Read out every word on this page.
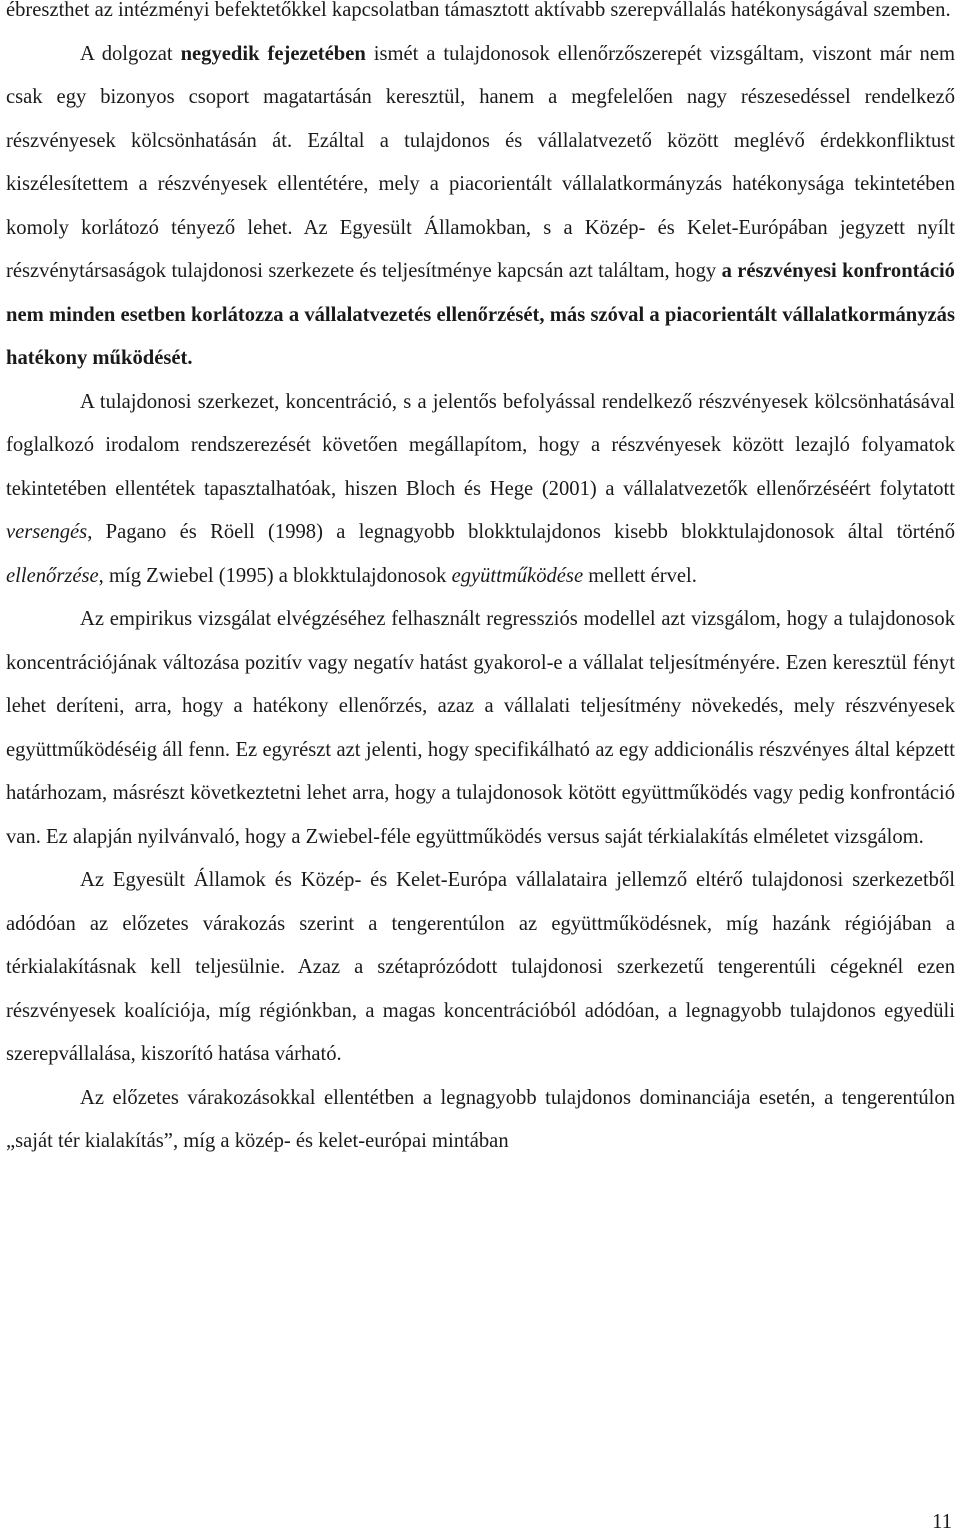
ébreszthet az intézményi befektetőkkel kapcsolatban támasztott aktívabb szerepvállalás hatékonyságával szemben.

A dolgozat negyedik fejezetében ismét a tulajdonosok ellenőrzőszerepét vizsgáltam, viszont már nem csak egy bizonyos csoport magatartásán keresztül, hanem a megfelelően nagy részesedéssel rendelkező részvényesek kölcsönhatásán át. Ezáltal a tulajdonos és vállalatvezető között meglévő érdekkonfliktust kiszélesítettem a részvényesek ellentétére, mely a piacorientált vállalatkormányzás hatékonysága tekintetében komoly korlátozó tényező lehet. Az Egyesült Államokban, s a Közép- és Kelet-Európában jegyzett nyílt részvénytársaságok tulajdonosi szerkezete és teljesítménye kapcsán azt találtam, hogy a részvényesi konfrontáció nem minden esetben korlátozza a vállalatvezetés ellenőrzését, más szóval a piacorientált vállalatkormányzás hatékony működését.

A tulajdonosi szerkezet, koncentráció, s a jelentős befolyással rendelkező részvényesek kölcsönhatásával foglalkozó irodalom rendszerezését követően megállapítom, hogy a részvényesek között lezajló folyamatok tekintetében ellentétek tapasztalhatóak, hiszen Bloch és Hege (2001) a vállalatvezetők ellenőrzéséért folytatott versengés, Pagano és Röell (1998) a legnagyobb blokktulajdonos kisebb blokktulajdonosok által történő ellenőrzése, míg Zwiebel (1995) a blokktulajdonosok együttműködése mellett érvel.

Az empirikus vizsgálat elvégzéséhez felhasznált regressziós modellel azt vizsgálom, hogy a tulajdonosok koncentrációjának változása pozitív vagy negatív hatást gyakorol-e a vállalat teljesítményére. Ezen keresztül fényt lehet deríteni, arra, hogy a hatékony ellenőrzés, azaz a vállalati teljesítmény növekedés, mely részvényesek együttműködéséig áll fenn. Ez egyrészt azt jelenti, hogy specifikálható az egy addicionális részvényes által képzett határhozam, másrészt következtetni lehet arra, hogy a tulajdonosok kötött együttműködés vagy pedig konfrontáció van. Ez alapján nyilvánvaló, hogy a Zwiebel-féle együttműködés versus saját térkialakítás elméletet vizsgálom.

Az Egyesült Államok és Közép- és Kelet-Európa vállalataira jellemző eltérő tulajdonosi szerkezetből adódóan az előzetes várakozás szerint a tengerentúlon az együttműködésnek, míg hazánk régiójában a térkialakításnak kell teljesülnie. Azaz a szétaprózódott tulajdonosi szerkezetű tengerentúli cégeknél ezen részvényesek koalíciója, míg régiónkban, a magas koncentrációból adódóan, a legnagyobb tulajdonos egyedüli szerepvállalása, kiszorító hatása várható.

Az előzetes várakozásokkal ellentétben a legnagyobb tulajdonos dominanciája esetén, a tengerentúlon „saját tér kialakítás”, míg a közép- és kelet-európai mintában

11
